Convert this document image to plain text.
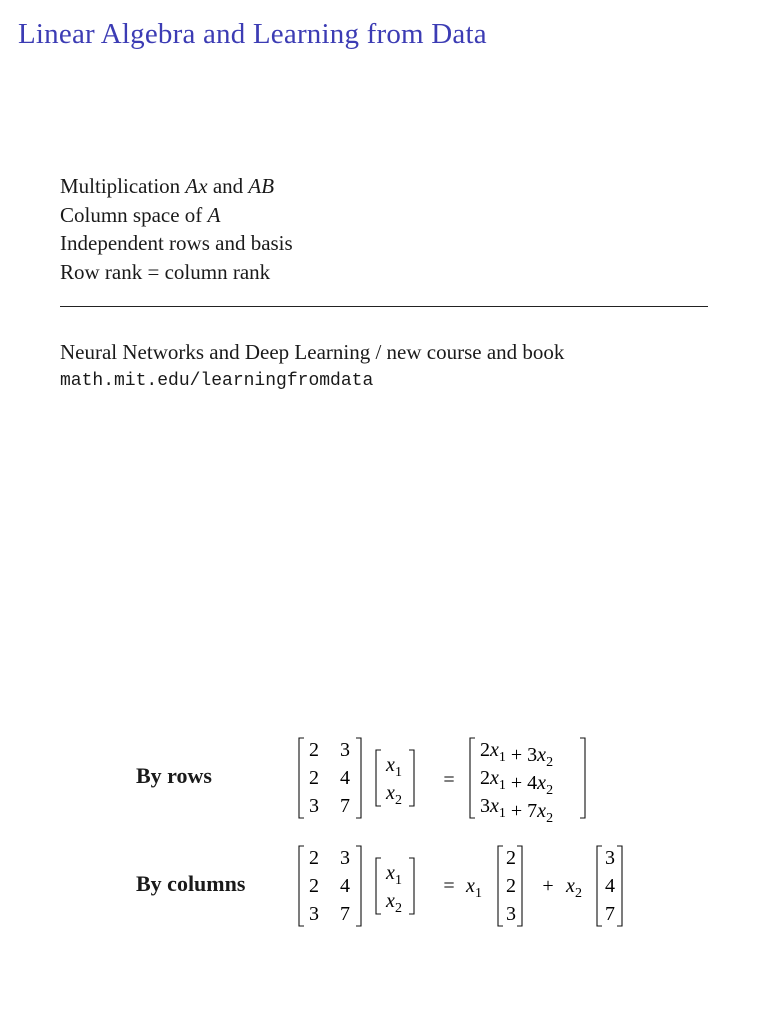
Linear Algebra and Learning from Data
Multiplication Ax and AB
Column space of A
Independent rows and basis
Row rank = column rank
Neural Networks and Deep Learning / new course and book
math.mit.edu/learningfromdata
By rows
2 3
2 4
3 7
$x_1$
$x_2$
=
$2x_1 + 3x_2$
$2x_1 + 4x_2$
$3x_1 + 7x_2$
2 3
2 4
3 7
$x_1$
$x_2$
= $x_1$
2
2
3
+ $x_2$
3
4
7
By columns
